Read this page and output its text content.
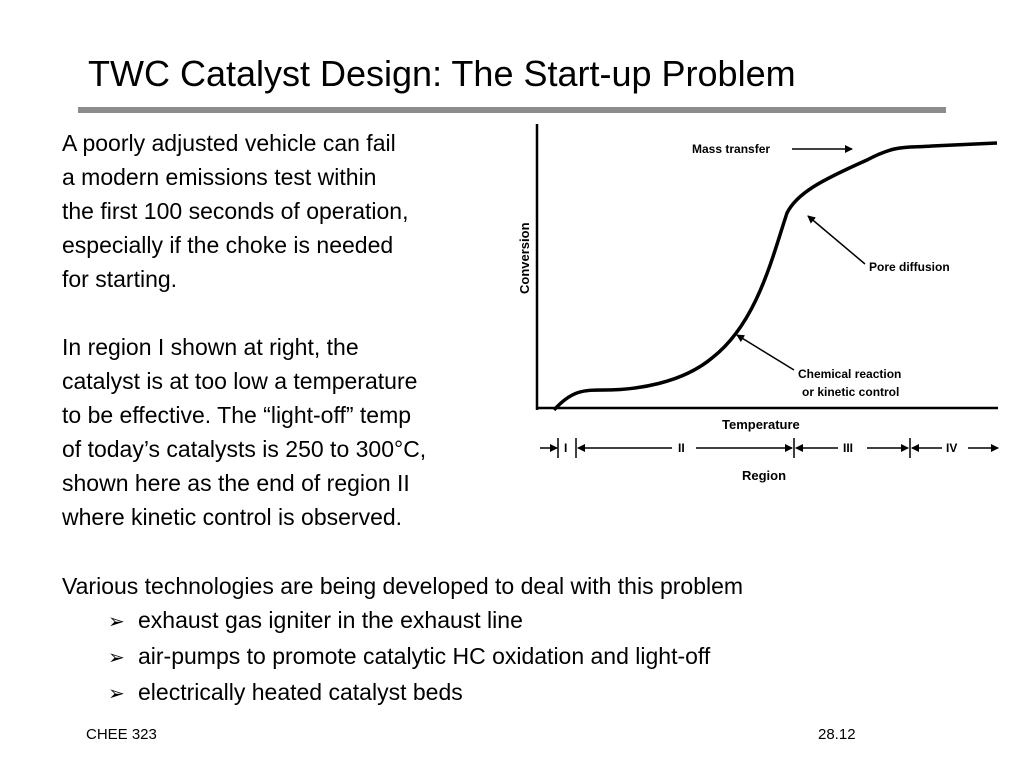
TWC Catalyst Design: The Start-up Problem

A poorly adjusted vehicle can fail
a modern emissions test within
the first 100 seconds of operation,
especially if the choke is needed
for starting.

In region I shown at right, the
catalyst is at too low a temperature
to be effective. The “light-off” temp
of today’s catalysts is 250 to 300°C,
shown here as the end of region II
where kinetic control is observed.

Various technologies are being developed to deal with this problem

➢ exhaust gas igniter in the exhaust line
➢ air-pumps to promote catalytic HC oxidation and light-off
➢ electrically heated catalyst beds
Conversion
Temperature
Region
Mass transfer
Pore diffusion
Chemical reaction
or kinetic control
I	II	III	IV
CHEE 323	28.12
